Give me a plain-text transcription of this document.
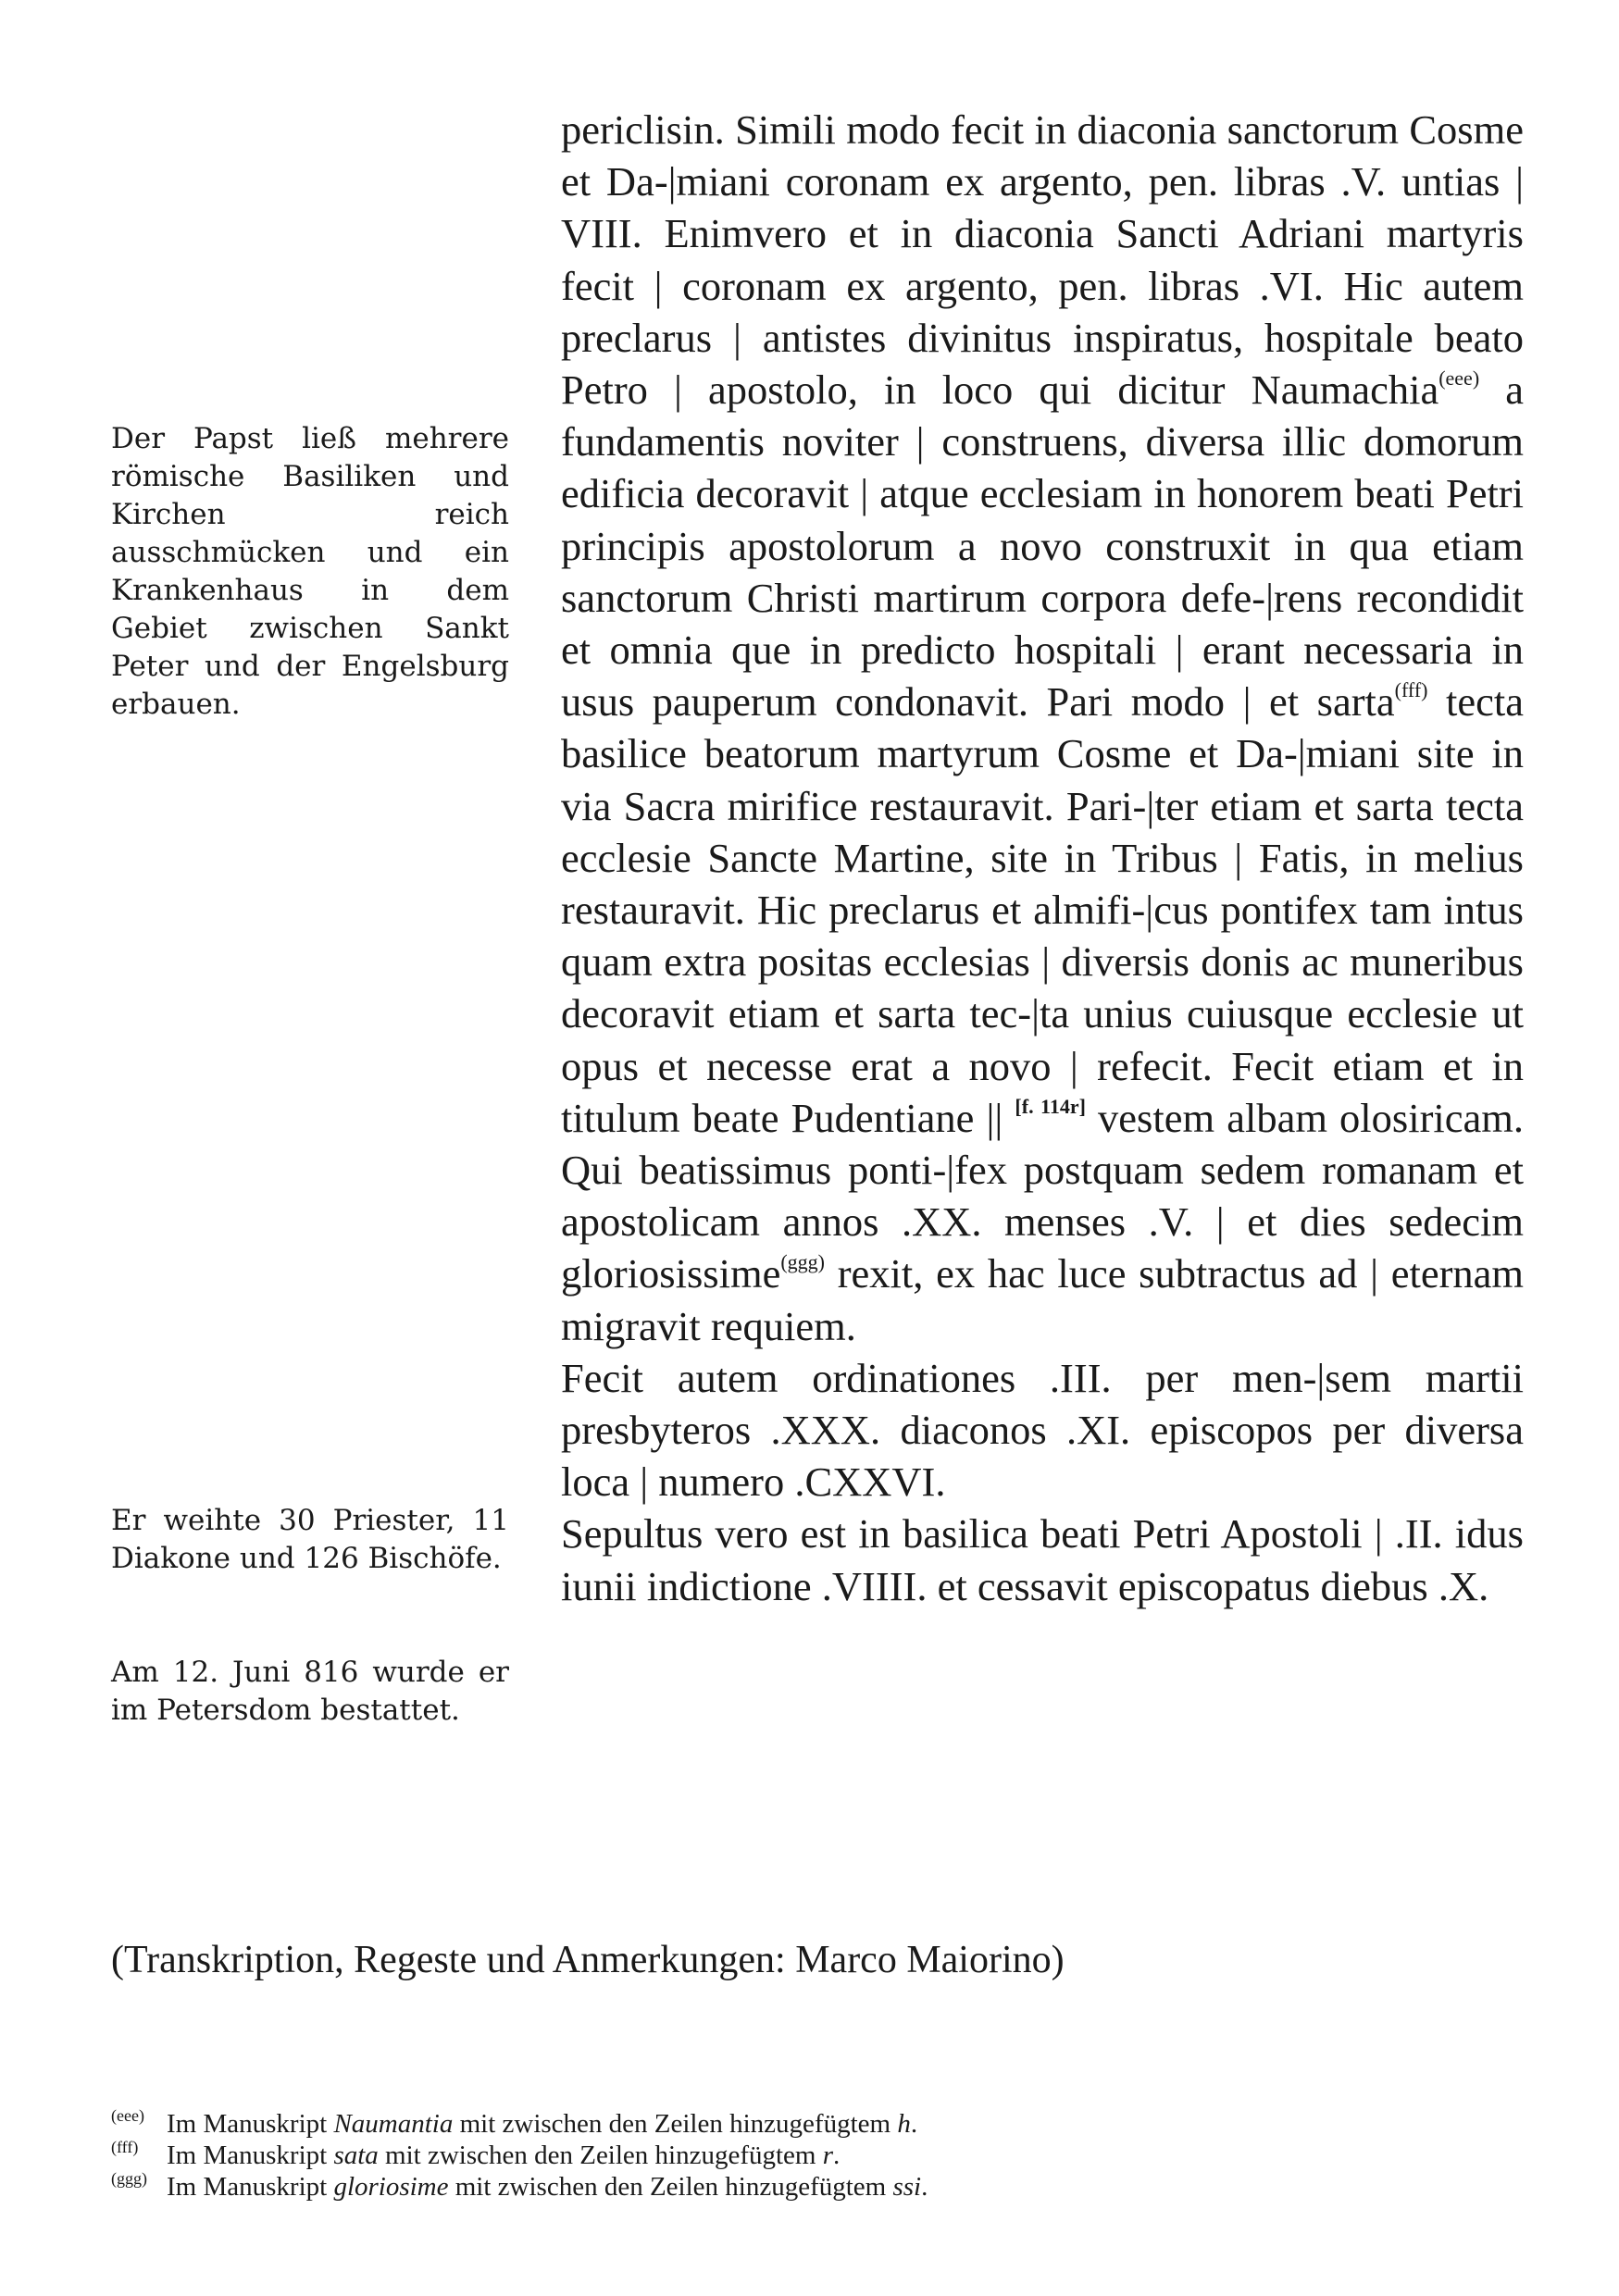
Der Papst ließ mehrere römische Basiliken und Kirchen reich ausschmücken und ein Krankenhaus in dem Gebiet zwischen Sankt Peter und der Engelsburg erbauen.
Er weihte 30 Priester, 11 Diakone und 126 Bischöfe.
Am 12. Juni 816 wurde er im Petersdom bestattet.

periclisin. Simili modo fecit in diaconia sanctorum Cosme et Da-|miani coronam ex argento, pen. libras .V. untias | VIII. Enimvero et in diaconia Sancti Adriani martyris fecit | coronam ex argento, pen. libras .VI. Hic autem preclarus | antistes divinitus inspiratus, hospitale beato Petro | apostolo, in loco qui dicitur Naumachia$^{(eee)}$ a fundamentis noviter | construens, diversa illic domorum edificia decoravit | atque ecclesiam in honorem beati Petri principis apostolorum a novo construxit in qua etiam sanctorum Christi martirum corpora defe-|rens recondidit et omnia que in predicto hospitali | erant necessaria in usus pauperum condonavit. Pari modo | et sarta$^{(fff)}$ tecta basilice beatorum martyrum Cosme et Da-|miani site in via Sacra mirifice restauravit. Pari-|ter etiam et sarta tecta ecclesie Sancte Martine, site in Tribus | Fatis, in melius restauravit. Hic preclarus et almifi-|cus pontifex tam intus quam extra positas ecclesias | diversis donis ac muneribus decoravit etiam et sarta tec-|ta unius cuiusque ecclesie ut opus et necesse erat a novo | refecit. Fecit etiam et in titulum beate Pudentiane || [f. 114r] vestem albam olosiricam. Qui beatissimus ponti-|fex postquam sedem romanam et apostolicam annos .XX. menses .V. | et dies sedecim gloriosissime$^{(ggg)}$ rexit, ex hac luce subtractus ad | eternam migravit requiem.

Fecit autem ordinationes .III. per men-|sem martii presbyteros .XXX. diaconos .XI. episcopos per diversa loca | numero .CXXVI.

Sepultus vero est in basilica beati Petri Apostoli | .II. idus iunii indictione .VIIII. et cessavit episcopatus diebus .X.

(Transkription, Regeste und Anmerkungen: Marco Maiorino)

$^{(eee)}$ Im Manuskript Naumantia mit zwischen den Zeilen hinzugefügtem h.
$^{(fff)}$ Im Manuskript sata mit zwischen den Zeilen hinzugefügtem r.
$^{(ggg)}$ Im Manuskript gloriosime mit zwischen den Zeilen hinzugefügtem ssi.
